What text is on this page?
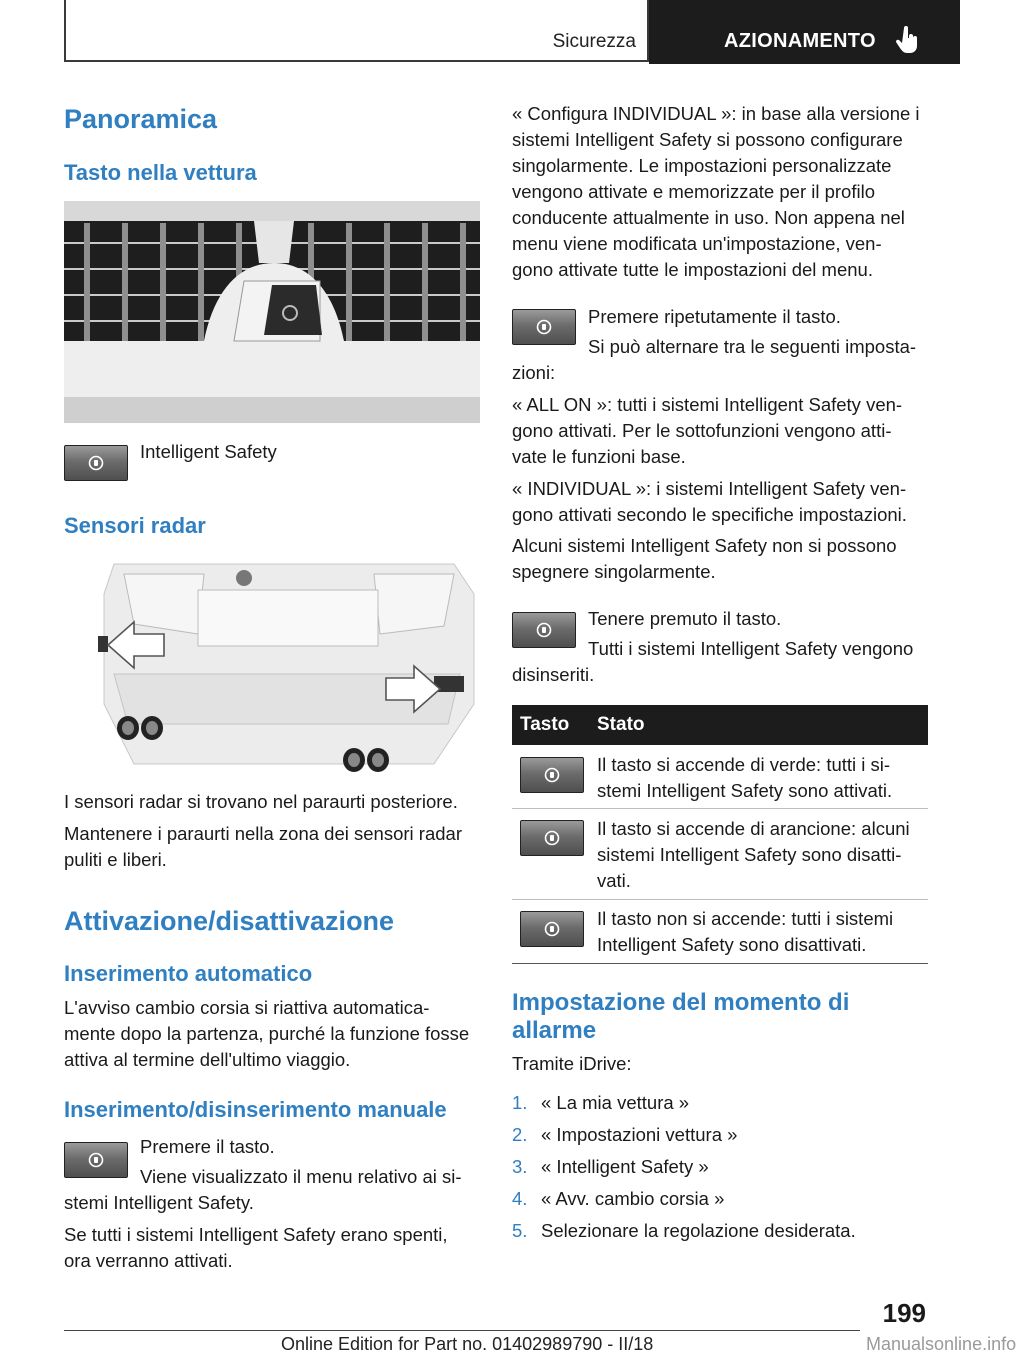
Sicurezza	AZIONAMENTO
Panoramica
Tasto nella vettura

Intelligent Safety

Sensori radar

I sensori radar si trovano nel paraurti posteriore.

Mantenere i paraurti nella zona dei sensori radar

puliti e liberi.

Attivazione/disattivazione
Inserimento automatico

L'avviso cambio corsia si riattiva automatica-

mente dopo la partenza, purché la funzione fosse

attiva al termine dell'ultimo viaggio.

Inserimento/disinserimento manuale

Premere il tasto.

Viene visualizzato il menu relativo ai si-

stemi Intelligent Safety.

Se tutti i sistemi Intelligent Safety erano spenti,

ora verranno attivati.

« Configura INDIVIDUAL »: in base alla versione i

sistemi Intelligent Safety si possono configurare

singolarmente. Le impostazioni personalizzate

vengono attivate e memorizzate per il profilo

conducente attualmente in uso. Non appena nel

menu viene modificata un'impostazione, ven-

gono attivate tutte le impostazioni del menu.

Premere ripetutamente il tasto.

Si può alternare tra le seguenti imposta-

zioni:

« ALL ON »: tutti i sistemi Intelligent Safety ven-

gono attivati. Per le sottofunzioni vengono atti-

vate le funzioni base.

« INDIVIDUAL »: i sistemi Intelligent Safety ven-

gono attivati secondo le specifiche impostazioni.

Alcuni sistemi Intelligent Safety non si possono

spegnere singolarmente.

Tenere premuto il tasto.

Tutti i sistemi Intelligent Safety vengono

disinseriti.

Tasto Stato

Il tasto si accende di verde: tutti i si-

stemi Intelligent Safety sono attivati.

Il tasto si accende di arancione: alcuni

sistemi Intelligent Safety sono disatti-

vati.

Il tasto non si accende: tutti i sistemi

Intelligent Safety sono disattivati.

Impostazione del momento di
allarme

Tramite iDrive:

1. « La mia vettura »
2. « Impostazioni vettura »
3. « Intelligent Safety »
4. « Avv. cambio corsia »
5. Selezionare la regolazione desiderata.
199
Online Edition for Part no. 01402989790 - II/18	Manualsonline.info
